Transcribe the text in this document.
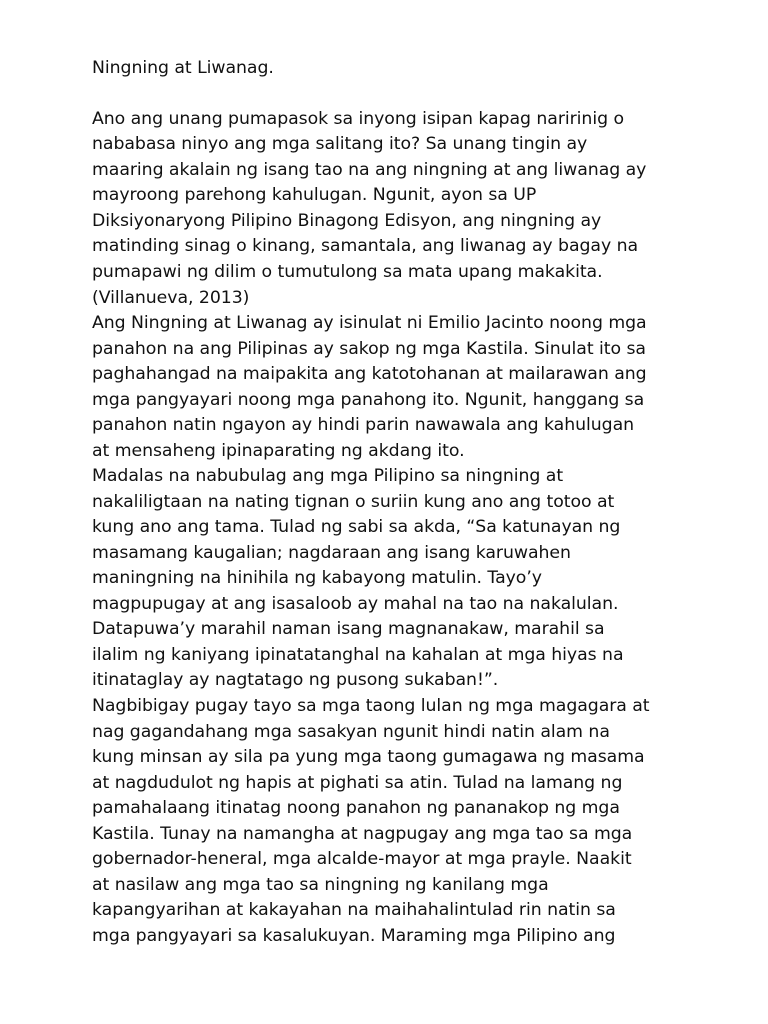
Ningning at Liwanag.
Ano ang unang pumapasok sa inyong isipan kapag naririnig o
nababasa ninyo ang mga salitang ito? Sa unang tingin ay
maaring akalain ng isang tao na ang ningning at ang liwanag ay
mayroong parehong kahulugan. Ngunit, ayon sa UP
Diksiyonaryong Pilipino Binagong Edisyon, ang ningning ay
matinding sinag o kinang, samantala, ang liwanag ay bagay na
pumapawi ng dilim o tumutulong sa mata upang makakita.
(Villanueva, 2013)
Ang Ningning at Liwanag ay isinulat ni Emilio Jacinto noong mga
panahon na ang Pilipinas ay sakop ng mga Kastila. Sinulat ito sa
paghahangad na maipakita ang katotohanan at mailarawan ang
mga pangyayari noong mga panahong ito. Ngunit, hanggang sa
panahon natin ngayon ay hindi parin nawawala ang kahulugan
at mensaheng ipinaparating ng akdang ito.
Madalas na nabubulag ang mga Pilipino sa ningning at
nakaliligtaan na nating tignan o suriin kung ano ang totoo at
kung ano ang tama. Tulad ng sabi sa akda, “Sa katunayan ng
masamang kaugalian; nagdaraan ang isang karuwahen
maningning na hinihila ng kabayong matulin. Tayo’y
magpupugay at ang isasaloob ay mahal na tao na nakalulan.
Datapuwa’y marahil naman isang magnanakaw, marahil sa
ilalim ng kaniyang ipinatatanghal na kahalan at mga hiyas na
itinataglay ay nagtatago ng pusong sukaban!”.
Nagbibigay pugay tayo sa mga taong lulan ng mga magagara at
nag gagandahang mga sasakyan ngunit hindi natin alam na
kung minsan ay sila pa yung mga taong gumagawa ng masama
at nagdudulot ng hapis at pighati sa atin. Tulad na lamang ng
pamahalaang itinatag noong panahon ng pananakop ng mga
Kastila. Tunay na namangha at nagpugay ang mga tao sa mga
gobernador-heneral, mga alcalde-mayor at mga prayle. Naakit
at nasilaw ang mga tao sa ningning ng kanilang mga
kapangyarihan at kakayahan na maihahalintulad rin natin sa
mga pangyayari sa kasalukuyan. Maraming mga Pilipino ang
